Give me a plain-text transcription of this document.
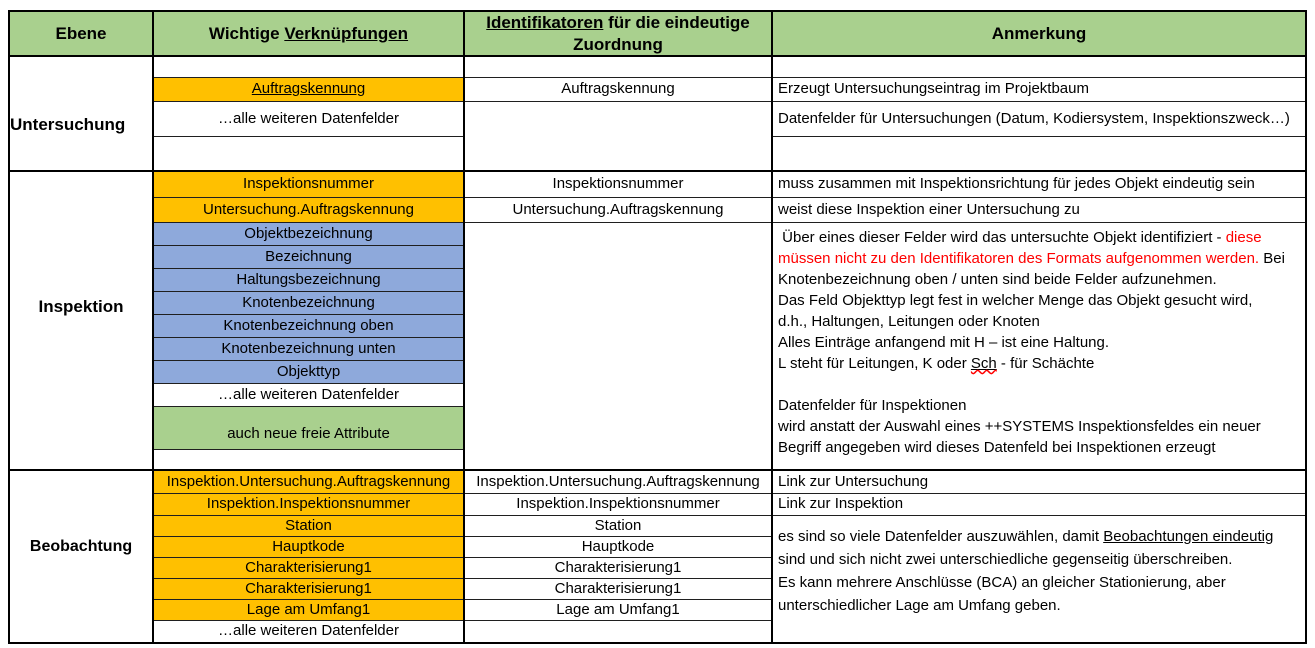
Ebene	Wichtige Verknüpfungen
Identifikatoren für die eindeutige Zuordnung
Anmerkung
Untersuchung
Auftragskennung
…alle weiteren Datenfelder
Auftragskennung	Erzeugt Untersuchungseintrag im Projektbaum
Datenfelder für Untersuchungen (Datum, Kodiersystem, Inspektionszweck…)
Inspektion
Inspektionsnummer
Untersuchung.Auftragskennung
Objektbezeichnung
Bezeichnung
Haltungsbezeichnung
Knotenbezeichnung
Knotenbezeichnung oben
Knotenbezeichnung unten
Objekttyp
…alle weiteren Datenfelder
auch neue freie Attribute
Inspektionsnummer
Untersuchung.Auftragskennung
muss zusammen mit Inspektionsrichtung für jedes Objekt eindeutig sein
weist diese Inspektion einer Untersuchung zu
Über eines dieser Felder wird das untersuchte Objekt identifiziert - diese
müssen nicht zu den Identifikatoren des Formats aufgenommen werden. Bei
Knotenbezeichnung oben / unten sind beide Felder aufzunehmen.
Das Feld Objekttyp legt fest in welcher Menge das Objekt gesucht wird,
d.h., Haltungen, Leitungen oder Knoten
Alles Einträge anfangend mit H – ist eine Haltung.
L steht für Leitungen, K oder Sch - für Schächte
Datenfelder für Inspektionen
wird anstatt der Auswahl eines ++SYSTEMS Inspektionsfeldes ein neuer
Begriff angegeben wird dieses Datenfeld bei Inspektionen erzeugt
Beobachtung
Inspektion.Untersuchung.Auftragskennung
Inspektion.Inspektionsnummer
Station
Hauptkode
Charakterisierung1
Charakterisierung1
Lage am Umfang1
…alle weiteren Datenfelder
Inspektion.Untersuchung.Auftragskennung
Inspektion.Inspektionsnummer
Station
Hauptkode
Charakterisierung1
Charakterisierung1
Lage am Umfang1
Link zur Untersuchung
Link zur Inspektion
es sind so viele Datenfelder auszuwählen, damit Beobachtungen eindeutig
sind und sich nicht zwei unterschiedliche gegenseitig überschreiben.
Es kann mehrere Anschlüsse (BCA) an gleicher Stationierung, aber
unterschiedlicher Lage am Umfang geben.
